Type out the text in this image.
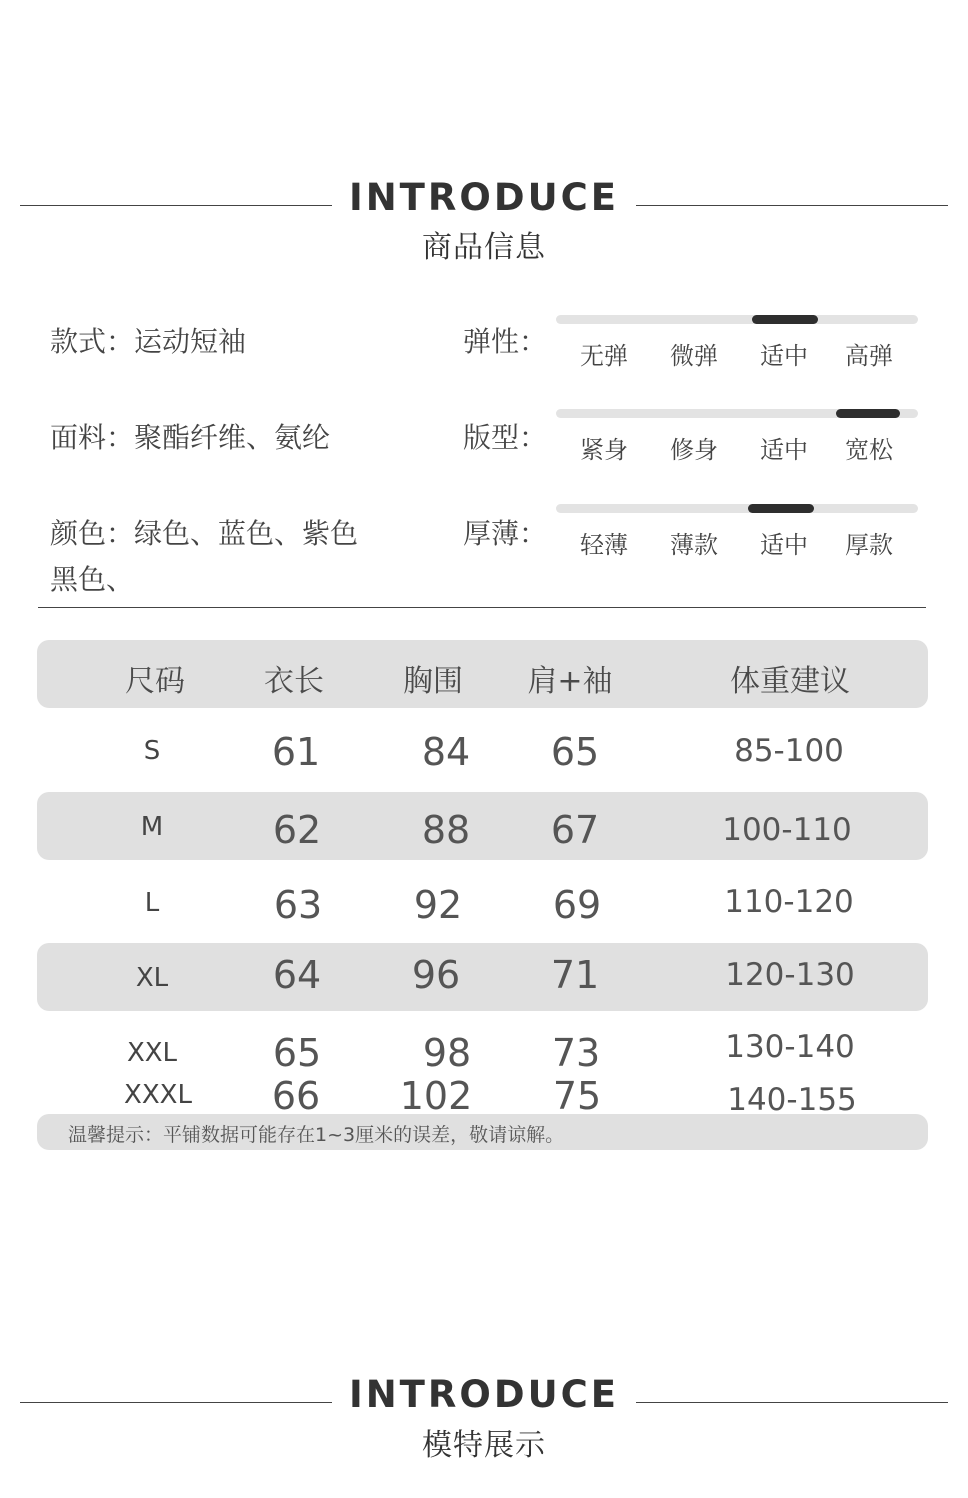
INTRODUCE
商品信息
款式：运动短袖
面料：聚酯纤维、氨纶
颜色：绿色、蓝色、紫色
黑色、
弹性： 无弹 微弹 适中 高弹
版型： 紧身 修身 适中 宽松
厚薄： 轻薄 薄款 适中 厚款
尺码	衣长	胸围	肩+袖	体重建议
S	61	84	65	85-100
M	62	88	67	100-110
L	63	92	69	110-120
XL	64	96	71	120-130
XXL	65	98	73	130-140
XXXL	66	102	75	140-155
温馨提示：平铺数据可能存在1~3厘米的误差，敬请谅解。
INTRODUCE
模特展示
